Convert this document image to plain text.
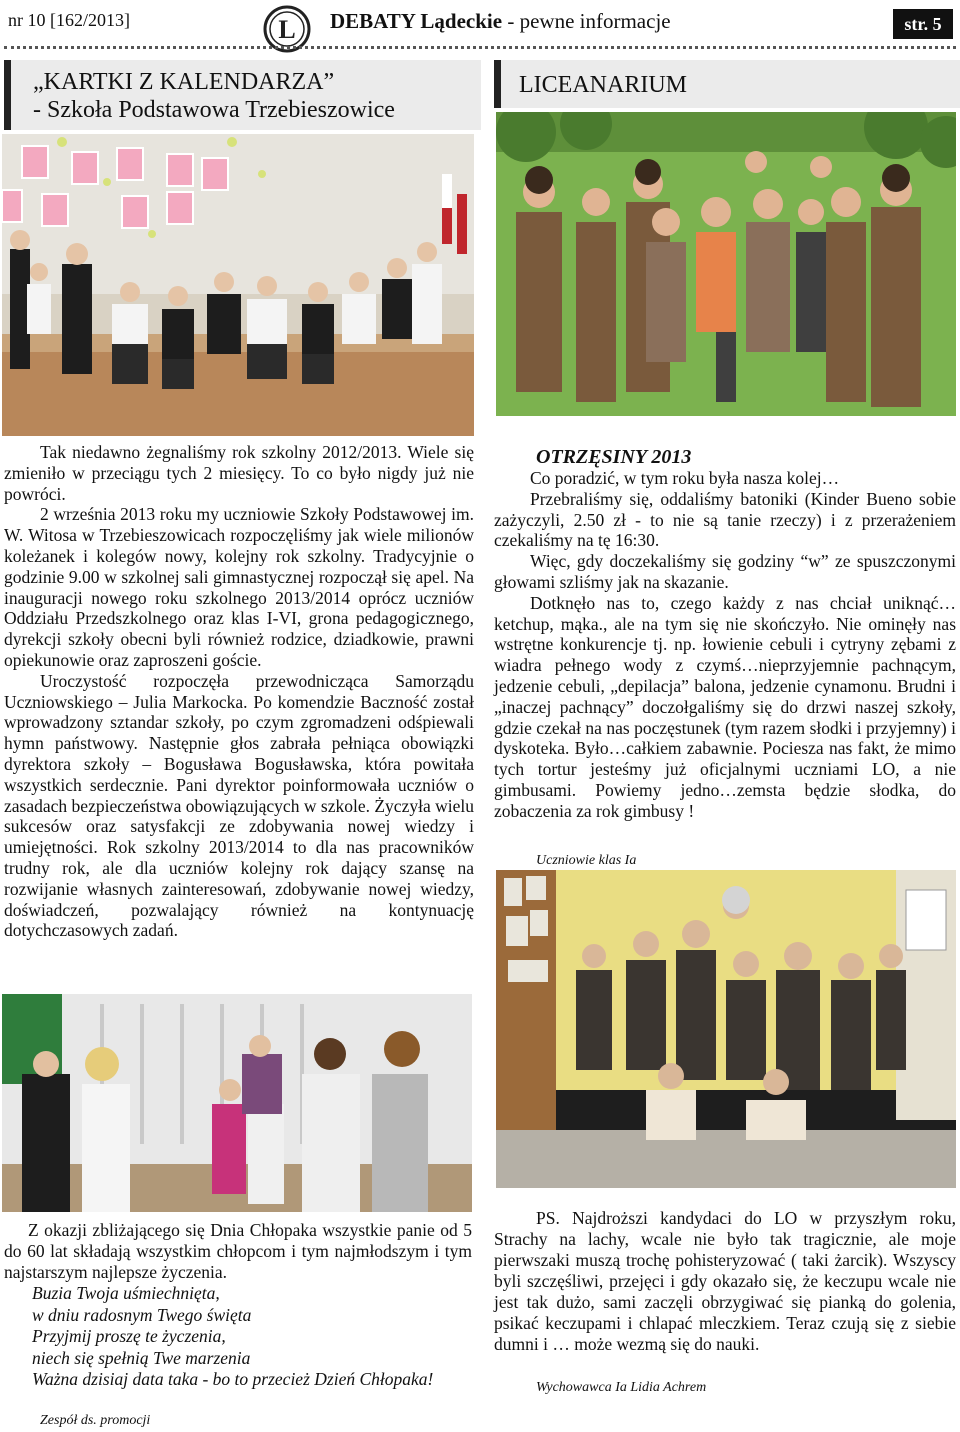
nr 10 [162/2013]	L DEBATY Lądeckie - pewne informacje	str. 5
„KARTKI Z KALENDARZA”
- Szkoła Podstawowa Trzebieszowice
LICEANARIUM

Tak niedawno żegnaliśmy rok szkolny 2012/2013. Wiele się zmieniło w przeciągu tych 2 miesięcy. To co było nigdy już nie powróci.

2 września 2013 roku my uczniowie Szkoły Podstawowej im. W. Witosa w Trzebieszowicach rozpoczęliśmy jak wiele milionów koleżanek i kolegów nowy, kolejny rok szkolny. Tradycyjnie o godzinie 9.00 w szkolnej sali gimnastycznej rozpoczął się apel. Na inauguracji nowego roku szkolnego 2013/2014 oprócz uczniów Oddziału Przedszkolnego oraz klas I-VI, grona pedagogicznego, dyrekcji szkoły obecni byli również rodzice, dziadkowie, prawni opiekunowie oraz zaproszeni goście.

Uroczystość rozpoczęła przewodnicząca Samorządu Uczniowskiego – Julia Markocka. Po komendzie Baczność został wprowadzony sztandar szkoły, po czym zgromadzeni odśpiewali hymn państwowy. Następnie głos zabrała pełniąca obowiązki dyrektora szkoły – Bogusława Bogusławska, która powitała wszystkich serdecznie. Pani dyrektor poinformowała uczniów o zasadach bezpieczeństwa obowiązujących w szkole. Życzyła wielu sukcesów oraz satysfakcji ze zdobywania nowej wiedzy i umiejętności. Rok szkolny 2013/2014 to dla nas pracowników trudny rok, ale dla uczniów kolejny rok dający szansę na rozwijanie własnych zainteresowań, zdobywanie nowej wiedzy, doświadczeń, pozwalający również na kontynuację dotychczasowych zadań.

OTRZĘSINY 2013

Co poradzić, w tym roku była nasza kolej…

Przebraliśmy się, oddaliśmy batoniki (Kinder Bueno sobie zażyczyli, 2.50 zł - to nie są tanie rzeczy) i z przerażeniem czekaliśmy na tę 16:30.

Więc, gdy doczekaliśmy się godziny “w” ze spuszczonymi głowami szliśmy jak na skazanie.

Dotknęło nas to, czego każdy z nas chciał uniknąć…ketchup, mąka., ale na tym się nie skończyło. Nie ominęły nas wstrętne konkurencje tj. np. łowienie cebuli i cytryny zębami z wiadra pełnego wody z czymś…nieprzyjemnie pachnącym, jedzenie cebuli, „depilacja” balona, jedzenie cynamonu. Brudni i „inaczej pachnący” doczołgaliśmy się do drzwi naszej szkoły, gdzie czekał na nas poczęstunek (tym razem słodki i przyjemny) i dyskoteka. Było…całkiem zabawnie. Pociesza nas fakt, że mimo tych tortur jesteśmy już oficjalnymi uczniami LO, a nie gimbusami. Powiemy jedno…zemsta będzie słodka, do zobaczenia za rok gimbusy !

Uczniowie klas Ia

Z okazji zbliżającego się Dnia Chłopaka wszystkie panie od 5 do 60 lat składają wszystkim chłopcom i tym najmłodszym i tym najstarszym najlepsze życzenia.

Buzia Twoja uśmiechnięta,
w dniu radosnym Twego święta
Przyjmij proszę te życzenia,
niech się spełnią Twe marzenia
Ważna dzisiaj data taka - bo to przecież Dzień Chłopaka!
Zespół ds. promocji

PS. Najdroższi kandydaci do LO w przyszłym roku, Strachy na lachy, wcale nie było tak tragicznie, ale moje pierwszaki muszą trochę pohisteryzować ( taki żarcik). Wszyscy byli szczęśliwi, przejęci i gdy okazało się, że keczupu wcale nie jest tak dużo, sami zaczęli obrzygiwać się pianką do golenia, psikać keczupami i chlapać mleczkiem. Teraz czują się z siebie dumni i … może wezmą się do nauki.

Wychowawca Ia Lidia Achrem
